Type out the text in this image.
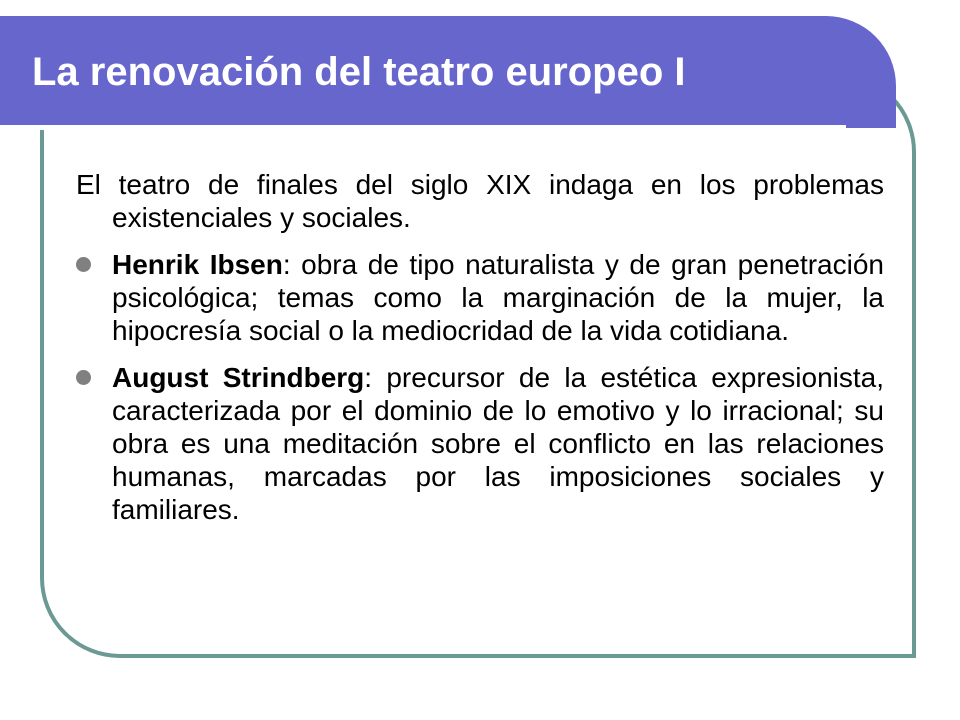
La renovación del teatro europeo I

El teatro de finales del siglo XIX indaga en los problemas existenciales y sociales.

Henrik Ibsen: obra de tipo naturalista y de gran penetración psicológica; temas como la marginación de la mujer, la hipocresía social o la mediocridad de la vida cotidiana.
August Strindberg: precursor de la estética expresionista, caracterizada por el dominio de lo emotivo y lo irracional; su obra es una meditación sobre el conflicto en las relaciones humanas, marcadas por las imposiciones sociales y familiares.
